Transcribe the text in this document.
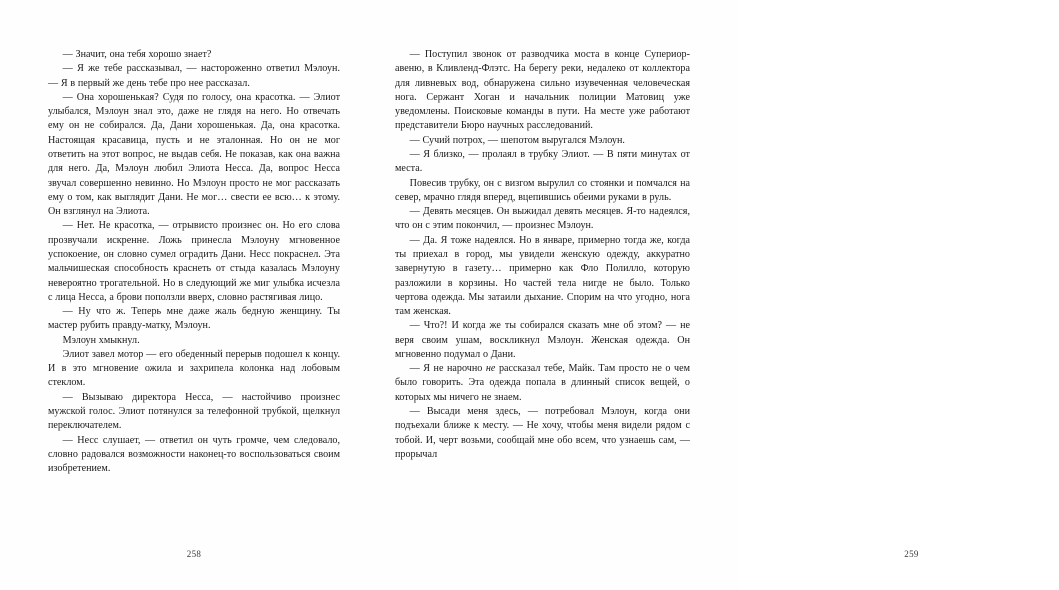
— Значит, она тебя хорошо знает?

— Я же тебе рассказывал, — настороженно ответил Мэлоун. — Я в первый же день тебе про нее рассказал.

— Она хорошенькая? Судя по голосу, она красотка. — Элиот улыбался, Мэлоун знал это, даже не глядя на него. Но отвечать ему он не собирался. Да, Дани хорошенькая. Да, она красотка. Настоящая красавица, пусть и не эталонная. Но он не мог ответить на этот вопрос, не выдав себя. Не показав, как она важна для него. Да, Мэлоун любил Элиота Несса. Да, вопрос Несса звучал совершенно невинно. Но Мэлоун просто не мог рассказать ему о том, как выглядит Дани. Не мог… свести ее всю… к этому. Он взглянул на Элиота.

— Нет. Не красотка, — отрывисто произнес он. Но его слова прозвучали искренне. Ложь принесла Мэлоуну мгновенное успокоение, он словно сумел оградить Дани. Несс покраснел. Эта мальчишеская способность краснеть от стыда казалась Мэлоуну невероятно трогательной. Но в следующий же миг улыбка исчезла с лица Несса, а брови поползли вверх, словно растягивая лицо.

— Ну что ж. Теперь мне даже жаль бедную женщину. Ты мастер рубить правду-матку, Мэлоун.

Мэлоун хмыкнул.

Элиот завел мотор — его обеденный перерыв подошел к концу. И в это мгновение ожила и захрипела колонка над лобовым стеклом.

— Вызываю директора Несса, — настойчиво произнес мужской голос. Элиот потянулся за телефонной трубкой, щелкнул переключателем.

— Несс слушает, — ответил он чуть громче, чем следовало, словно радовался возможности наконец-то воспользоваться своим изобретением.

258

— Поступил звонок от разводчика моста в конце Супериор-авеню, в Кливленд-Флэтс. На берегу реки, недалеко от коллектора для ливневых вод, обнаружена сильно изувеченная человеческая нога. Сержант Хоган и начальник полиции Матовиц уже уведомлены. Поисковые команды в пути. На месте уже работают представители Бюро научных расследований.

— Сучий потрох, — шепотом выругался Мэлоун.

— Я близко, — пролаял в трубку Элиот. — В пяти минутах от места.

Повесив трубку, он с визгом вырулил со стоянки и помчался на север, мрачно глядя вперед, вцепившись обеими руками в руль.

— Девять месяцев. Он выжидал девять месяцев. Я-то надеялся, что он с этим покончил, — произнес Мэлоун.

— Да. Я тоже надеялся. Но в январе, примерно тогда же, когда ты приехал в город, мы увидели женскую одежду, аккуратно завернутую в газету… примерно как Фло Полилло, которую разложили в корзины. Но частей тела нигде не было. Только чертова одежда. Мы затаили дыхание. Спорим на что угодно, нога там женская.

— Что?! И когда же ты собирался сказать мне об этом? — не веря своим ушам, воскликнул Мэлоун. Женская одежда. Он мгновенно подумал о Дани.

— Я не нарочно не рассказал тебе, Майк. Там просто не о чем было говорить. Эта одежда попала в длинный список вещей, о которых мы ничего не знаем.

— Высади меня здесь, — потребовал Мэлоун, когда они подъехали ближе к месту. — Не хочу, чтобы меня видели рядом с тобой. И, черт возьми, сообщай мне обо всем, что узнаешь сам, — прорычал

259
